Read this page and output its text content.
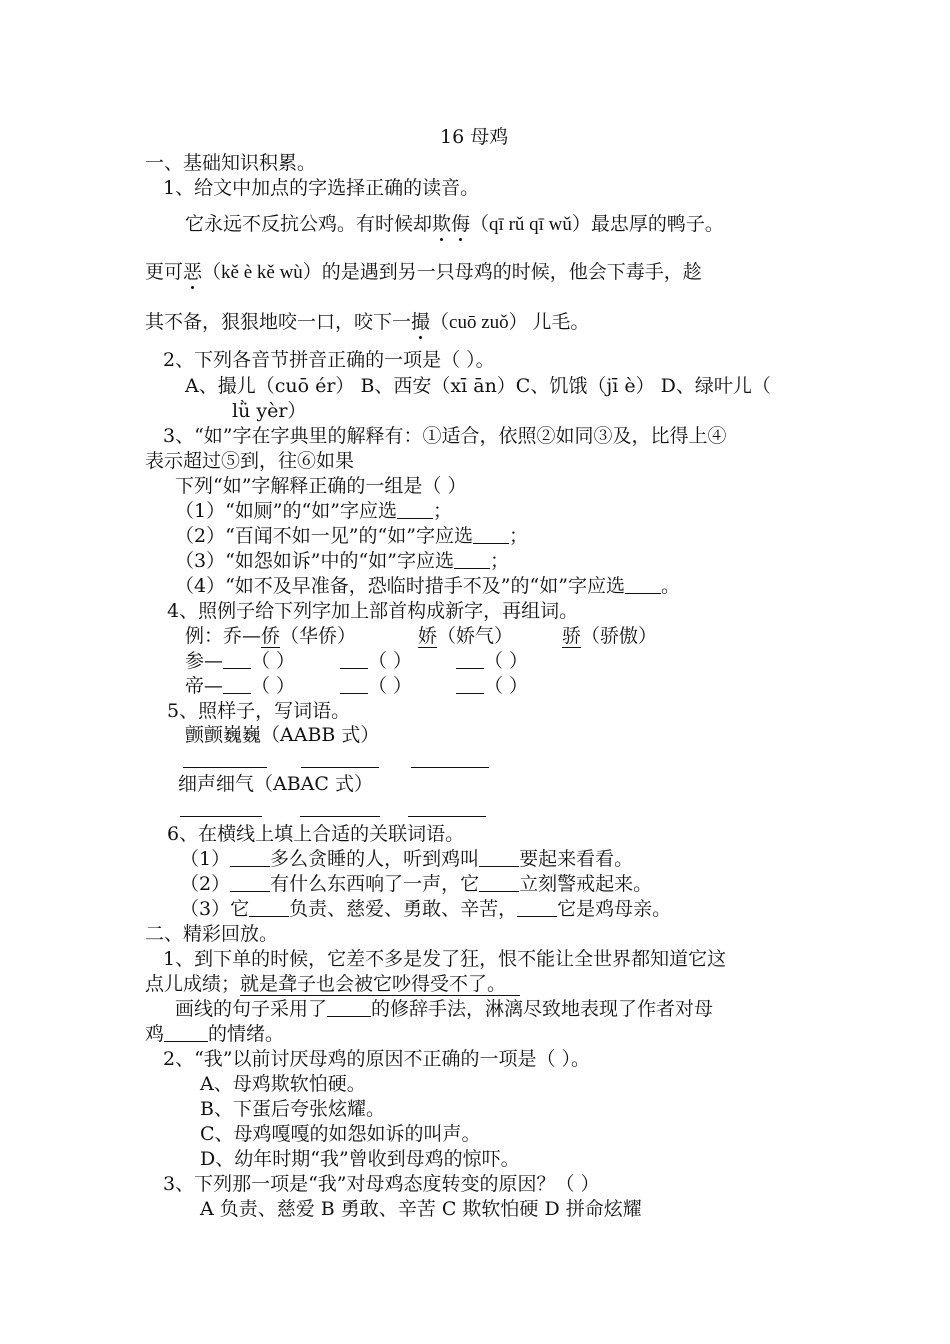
16 母鸡
一、基础知识积累。
1、给文中加点的字选择正确的读音。
它永远不反抗公鸡。有时候却欺侮（qī rǔ qī wǔ）最忠厚的鸭子。
更可恶（kě è kě wù）的是遇到另一只母鸡的时候，他会下毒手，趁
其不备，狠狠地咬一口，咬下一撮（cuō zuǒ） 儿毛。
2、下列各音节拼音正确的一项是（ ）。
A、撮儿（cuō ér） B、西安（xī ān）C、饥饿（jī è） D、绿叶儿（
lǜ yèr）
3、“如”字在字典里的解释有：①适合，依照②如同③及，比得上④
表示超过⑤到，往⑥如果
下列“如”字解释正确的一组是（ ）
（1）“如厕”的“如”字应选 ；
（2）“百闻不如一见”的“如”字应选 ；
（3）“如怨如诉”中的“如”字应选 ；
（4）“如不及早准备，恐临时措手不及”的“如”字应选 。
4、照例子给下列字加上部首构成新字，再组词。
例：乔—侨（华侨）	娇（娇气）	骄（骄傲）
参— （ ）	（ ）	（ ）
帝— （ ）	（ ）	（ ）
5、照样子，写词语。
颤颤巍巍（AABB 式）

细声细气（ABAC 式）

6、在横线上填上合适的关联词语。
（1） 多么贪睡的人，听到鸡叫 要起来看看。
（2） 有什么东西响了一声，它 立刻警戒起来。
（3）它 负责、慈爱、勇敢、辛苦， 它是鸡母亲。
二、精彩回放。
1、到下单的时候，它差不多是发了狂，恨不能让全世界都知道它这
点儿成绩；就是聋子也会被它吵得受不了。
画线的句子采用了 的修辞手法，淋漓尽致地表现了作者对母
鸡 的情绪。
2、“我”以前讨厌母鸡的原因不正确的一项是（ ）。
A、母鸡欺软怕硬。
B、下蛋后夸张炫耀。
C、母鸡嘎嘎的如怨如诉的叫声。
D、幼年时期“我”曾收到母鸡的惊吓。
3、下列那一项是“我”对母鸡态度转变的原因？（ ）
A 负责、慈爱 B 勇敢、辛苦 C 欺软怕硬 D 拼命炫耀
